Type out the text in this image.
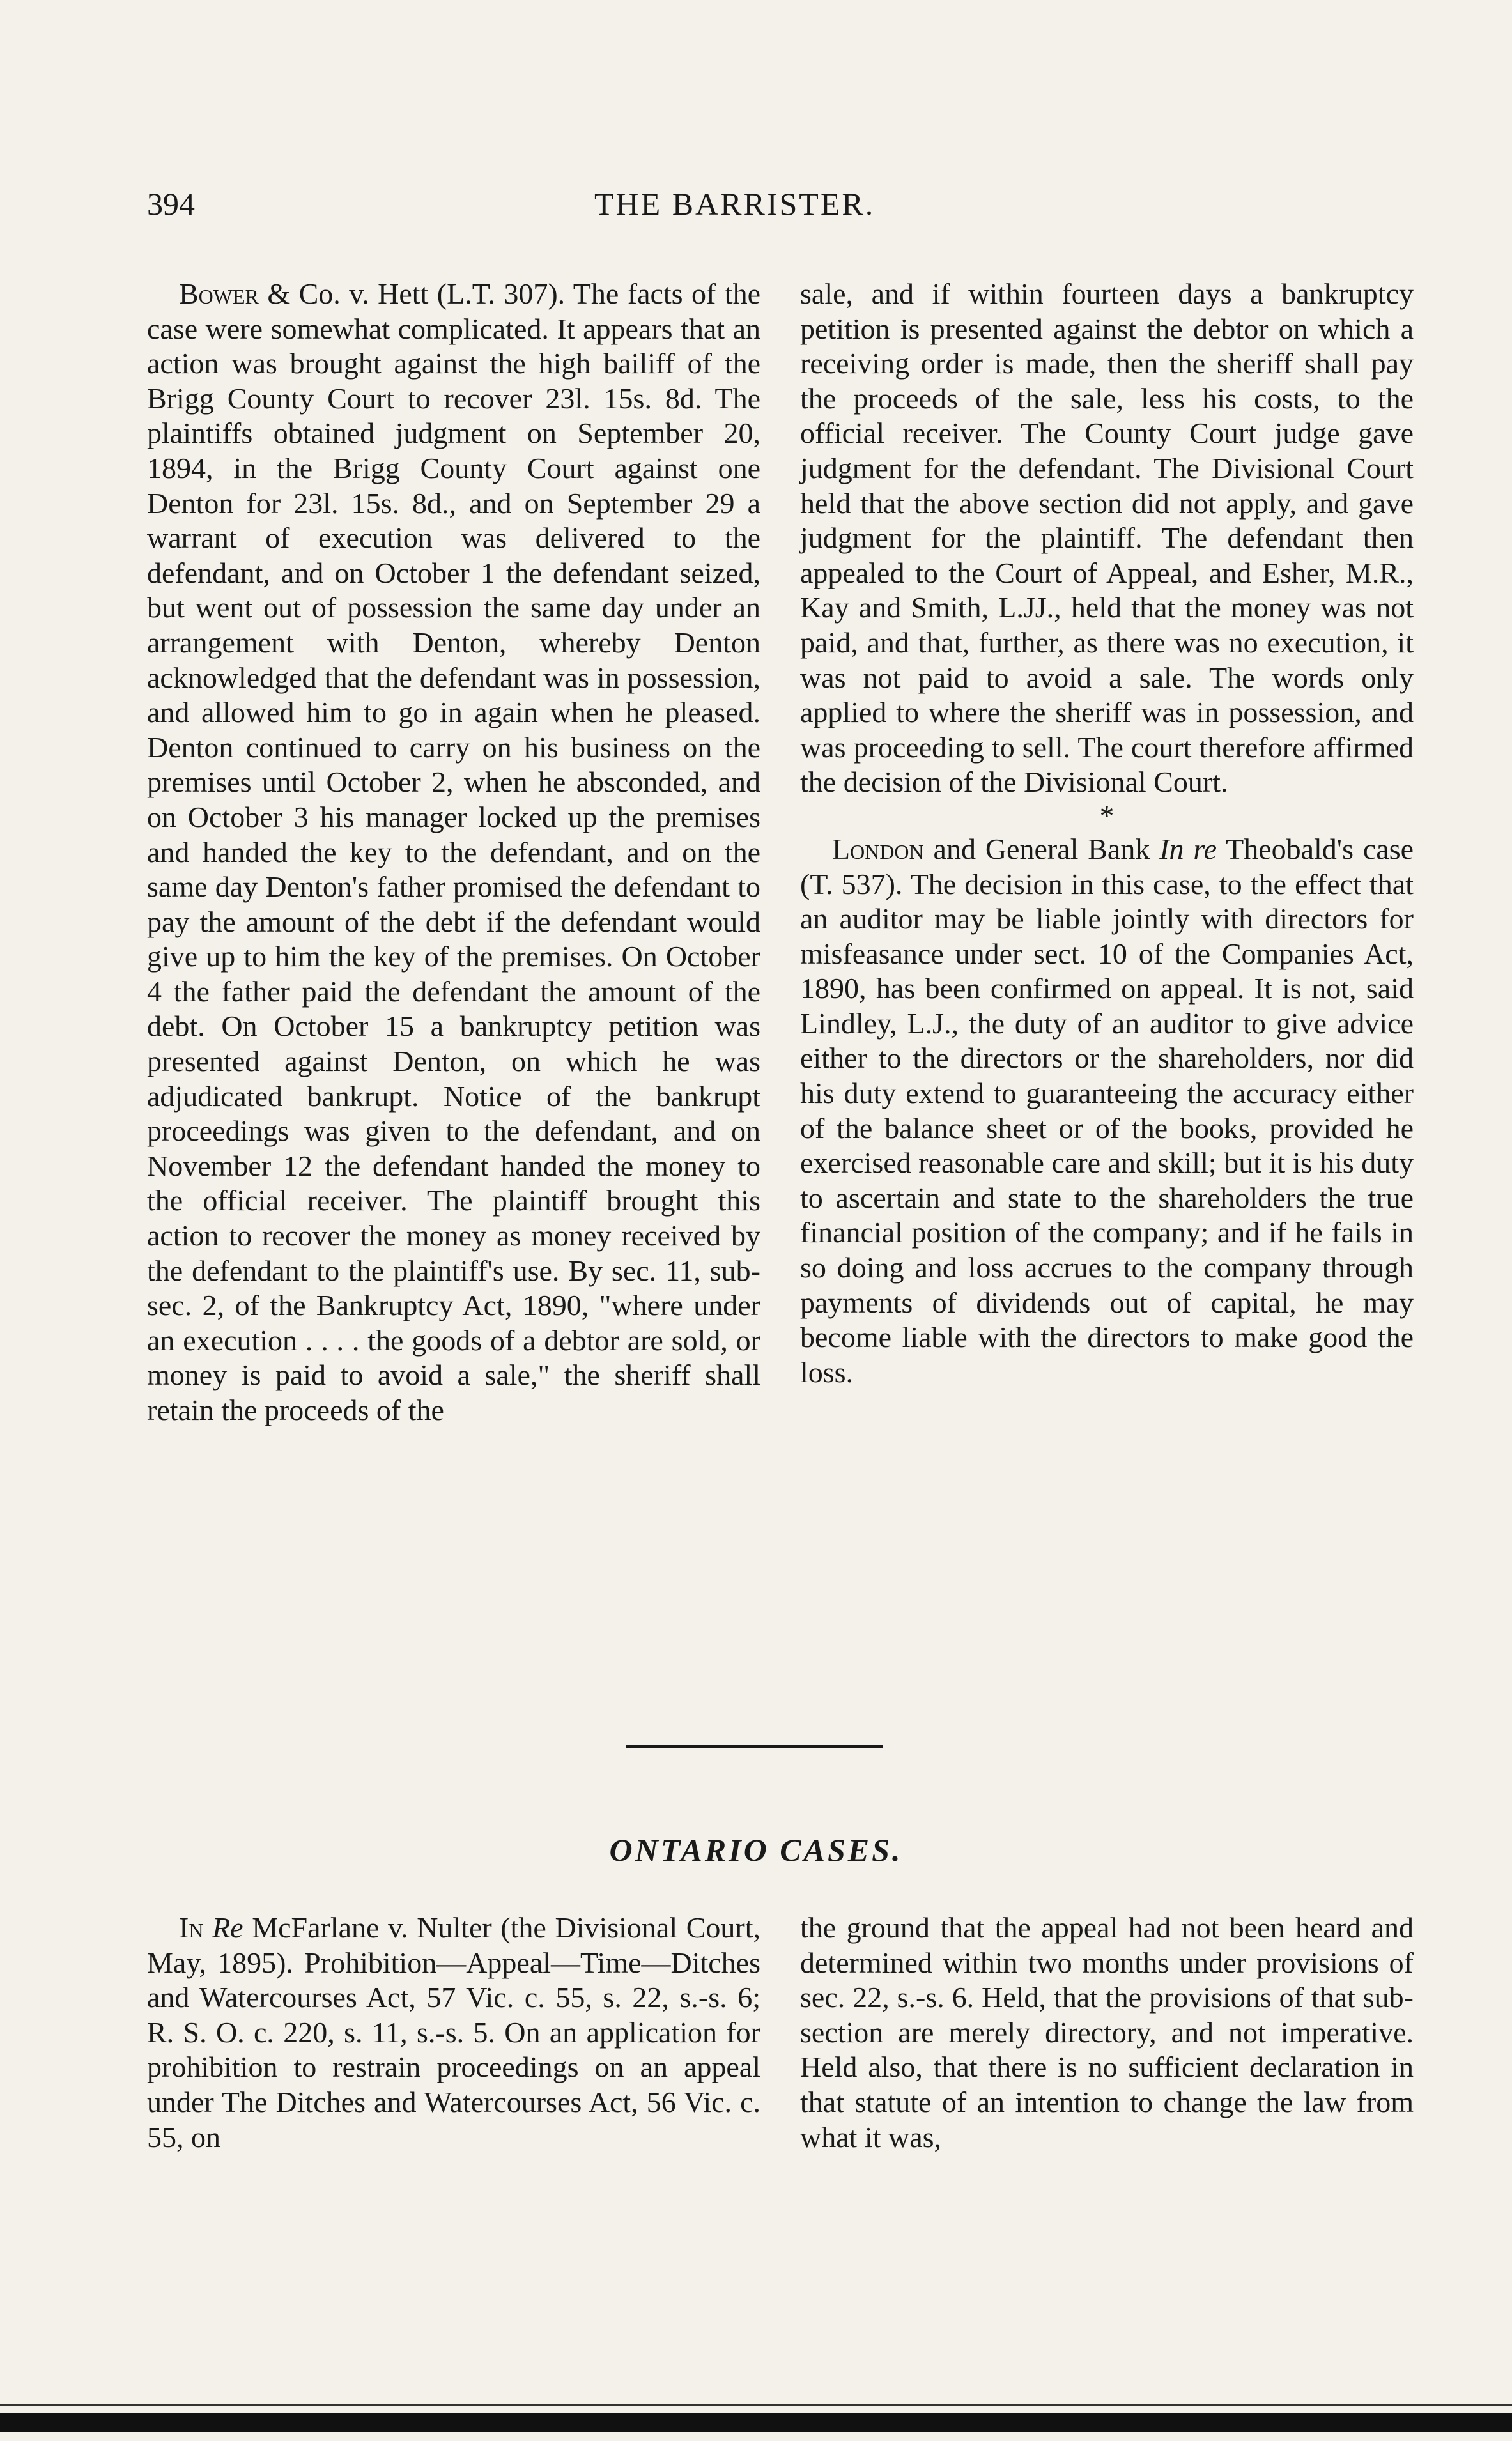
394	THE BARRISTER.

Bower & Co. v. Hett (L.T. 307). The facts of the case were somewhat complicated. It appears that an action was brought against the high bailiff of the Brigg County Court to recover 23l. 15s. 8d. The plaintiffs obtained judgment on September 20, 1894, in the Brigg County Court against one Denton for 23l. 15s. 8d., and on September 29 a warrant of execution was delivered to the defendant, and on October 1 the defendant seized, but went out of possession the same day under an arrangement with Denton, whereby Denton acknowledged that the defendant was in possession, and allowed him to go in again when he pleased. Denton continued to carry on his business on the premises until October 2, when he absconded, and on October 3 his manager locked up the premises and handed the key to the defendant, and on the same day Denton's father promised the defendant to pay the amount of the debt if the defendant would give up to him the key of the premises. On October 4 the father paid the defendant the amount of the debt. On October 15 a bankruptcy petition was presented against Denton, on which he was adjudicated bankrupt. Notice of the bankrupt proceedings was given to the defendant, and on November 12 the defendant handed the money to the official receiver. The plaintiff brought this action to recover the money as money received by the defendant to the plaintiff's use. By sec. 11, sub-sec. 2, of the Bankruptcy Act, 1890, "where under an execution . . . . the goods of a debtor are sold, or money is paid to avoid a sale," the sheriff shall retain the proceeds of the

sale, and if within fourteen days a bankruptcy petition is presented against the debtor on which a receiving order is made, then the sheriff shall pay the proceeds of the sale, less his costs, to the official receiver. The County Court judge gave judgment for the defendant. The Divisional Court held that the above section did not apply, and gave judgment for the plaintiff. The defendant then appealed to the Court of Appeal, and Esher, M.R., Kay and Smith, L.JJ., held that the money was not paid, and that, further, as there was no execution, it was not paid to avoid a sale. The words only applied to where the sheriff was in possession, and was proceeding to sell. The court therefore affirmed the decision of the Divisional Court.

*

London and General Bank In re Theobald's case (T. 537). The decision in this case, to the effect that an auditor may be liable jointly with directors for misfeasance under sect. 10 of the Companies Act, 1890, has been confirmed on appeal. It is not, said Lindley, L.J., the duty of an auditor to give advice either to the directors or the shareholders, nor did his duty extend to guaranteeing the accuracy either of the balance sheet or of the books, provided he exercised reasonable care and skill; but it is his duty to ascertain and state to the shareholders the true financial position of the company; and if he fails in so doing and loss accrues to the company through payments of dividends out of capital, he may become liable with the directors to make good the loss.

ONTARIO CASES.

In Re McFarlane v. Nulter (the Divisional Court, May, 1895). Prohibition—Appeal—Time—Ditches and Watercourses Act, 57 Vic. c. 55, s. 22, s.-s. 6; R. S. O. c. 220, s. 11, s.-s. 5. On an application for prohibition to restrain proceedings on an appeal under The Ditches and Watercourses Act, 56 Vic. c. 55, on

the ground that the appeal had not been heard and determined within two months under provisions of sec. 22, s.-s. 6. Held, that the provisions of that sub-section are merely directory, and not imperative. Held also, that there is no sufficient declaration in that statute of an intention to change the law from what it was,
